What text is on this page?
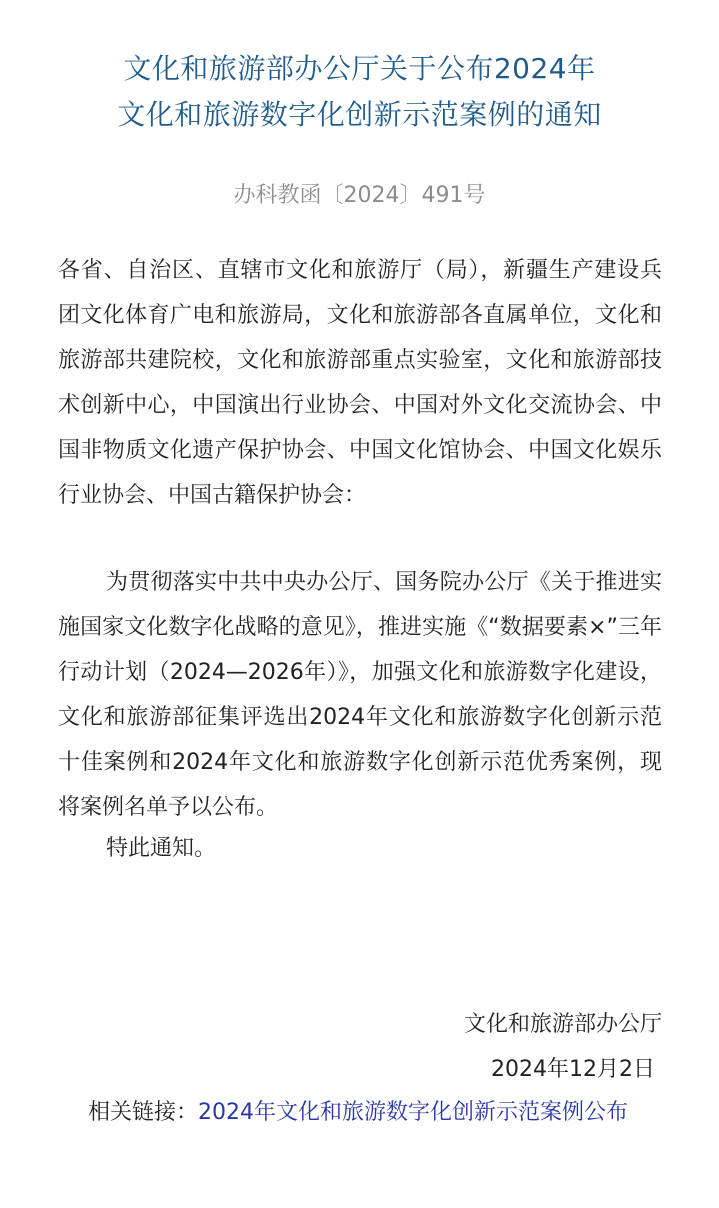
文化和旅游部办公厅关于公布2024年
文化和旅游数字化创新示范案例的通知
办科教函〔2024〕491号

各省、自治区、直辖市文化和旅游厅（局），新疆生产建设兵团文化体育广电和旅游局，文化和旅游部各直属单位，文化和旅游部共建院校，文化和旅游部重点实验室，文化和旅游部技术创新中心，中国演出行业协会、中国对外文化交流协会、中国非物质文化遗产保护协会、中国文化馆协会、中国文化娱乐行业协会、中国古籍保护协会：

为贯彻落实中共中央办公厅、国务院办公厅《关于推进实施国家文化数字化战略的意见》，推进实施《“数据要素×”三年行动计划（2024—2026年）》，加强文化和旅游数字化建设，文化和旅游部征集评选出2024年文化和旅游数字化创新示范十佳案例和2024年文化和旅游数字化创新示范优秀案例，现将案例名单予以公布。

特此通知。

文化和旅游部办公厅
2024年12月2日

相关链接：2024年文化和旅游数字化创新示范案例公布
